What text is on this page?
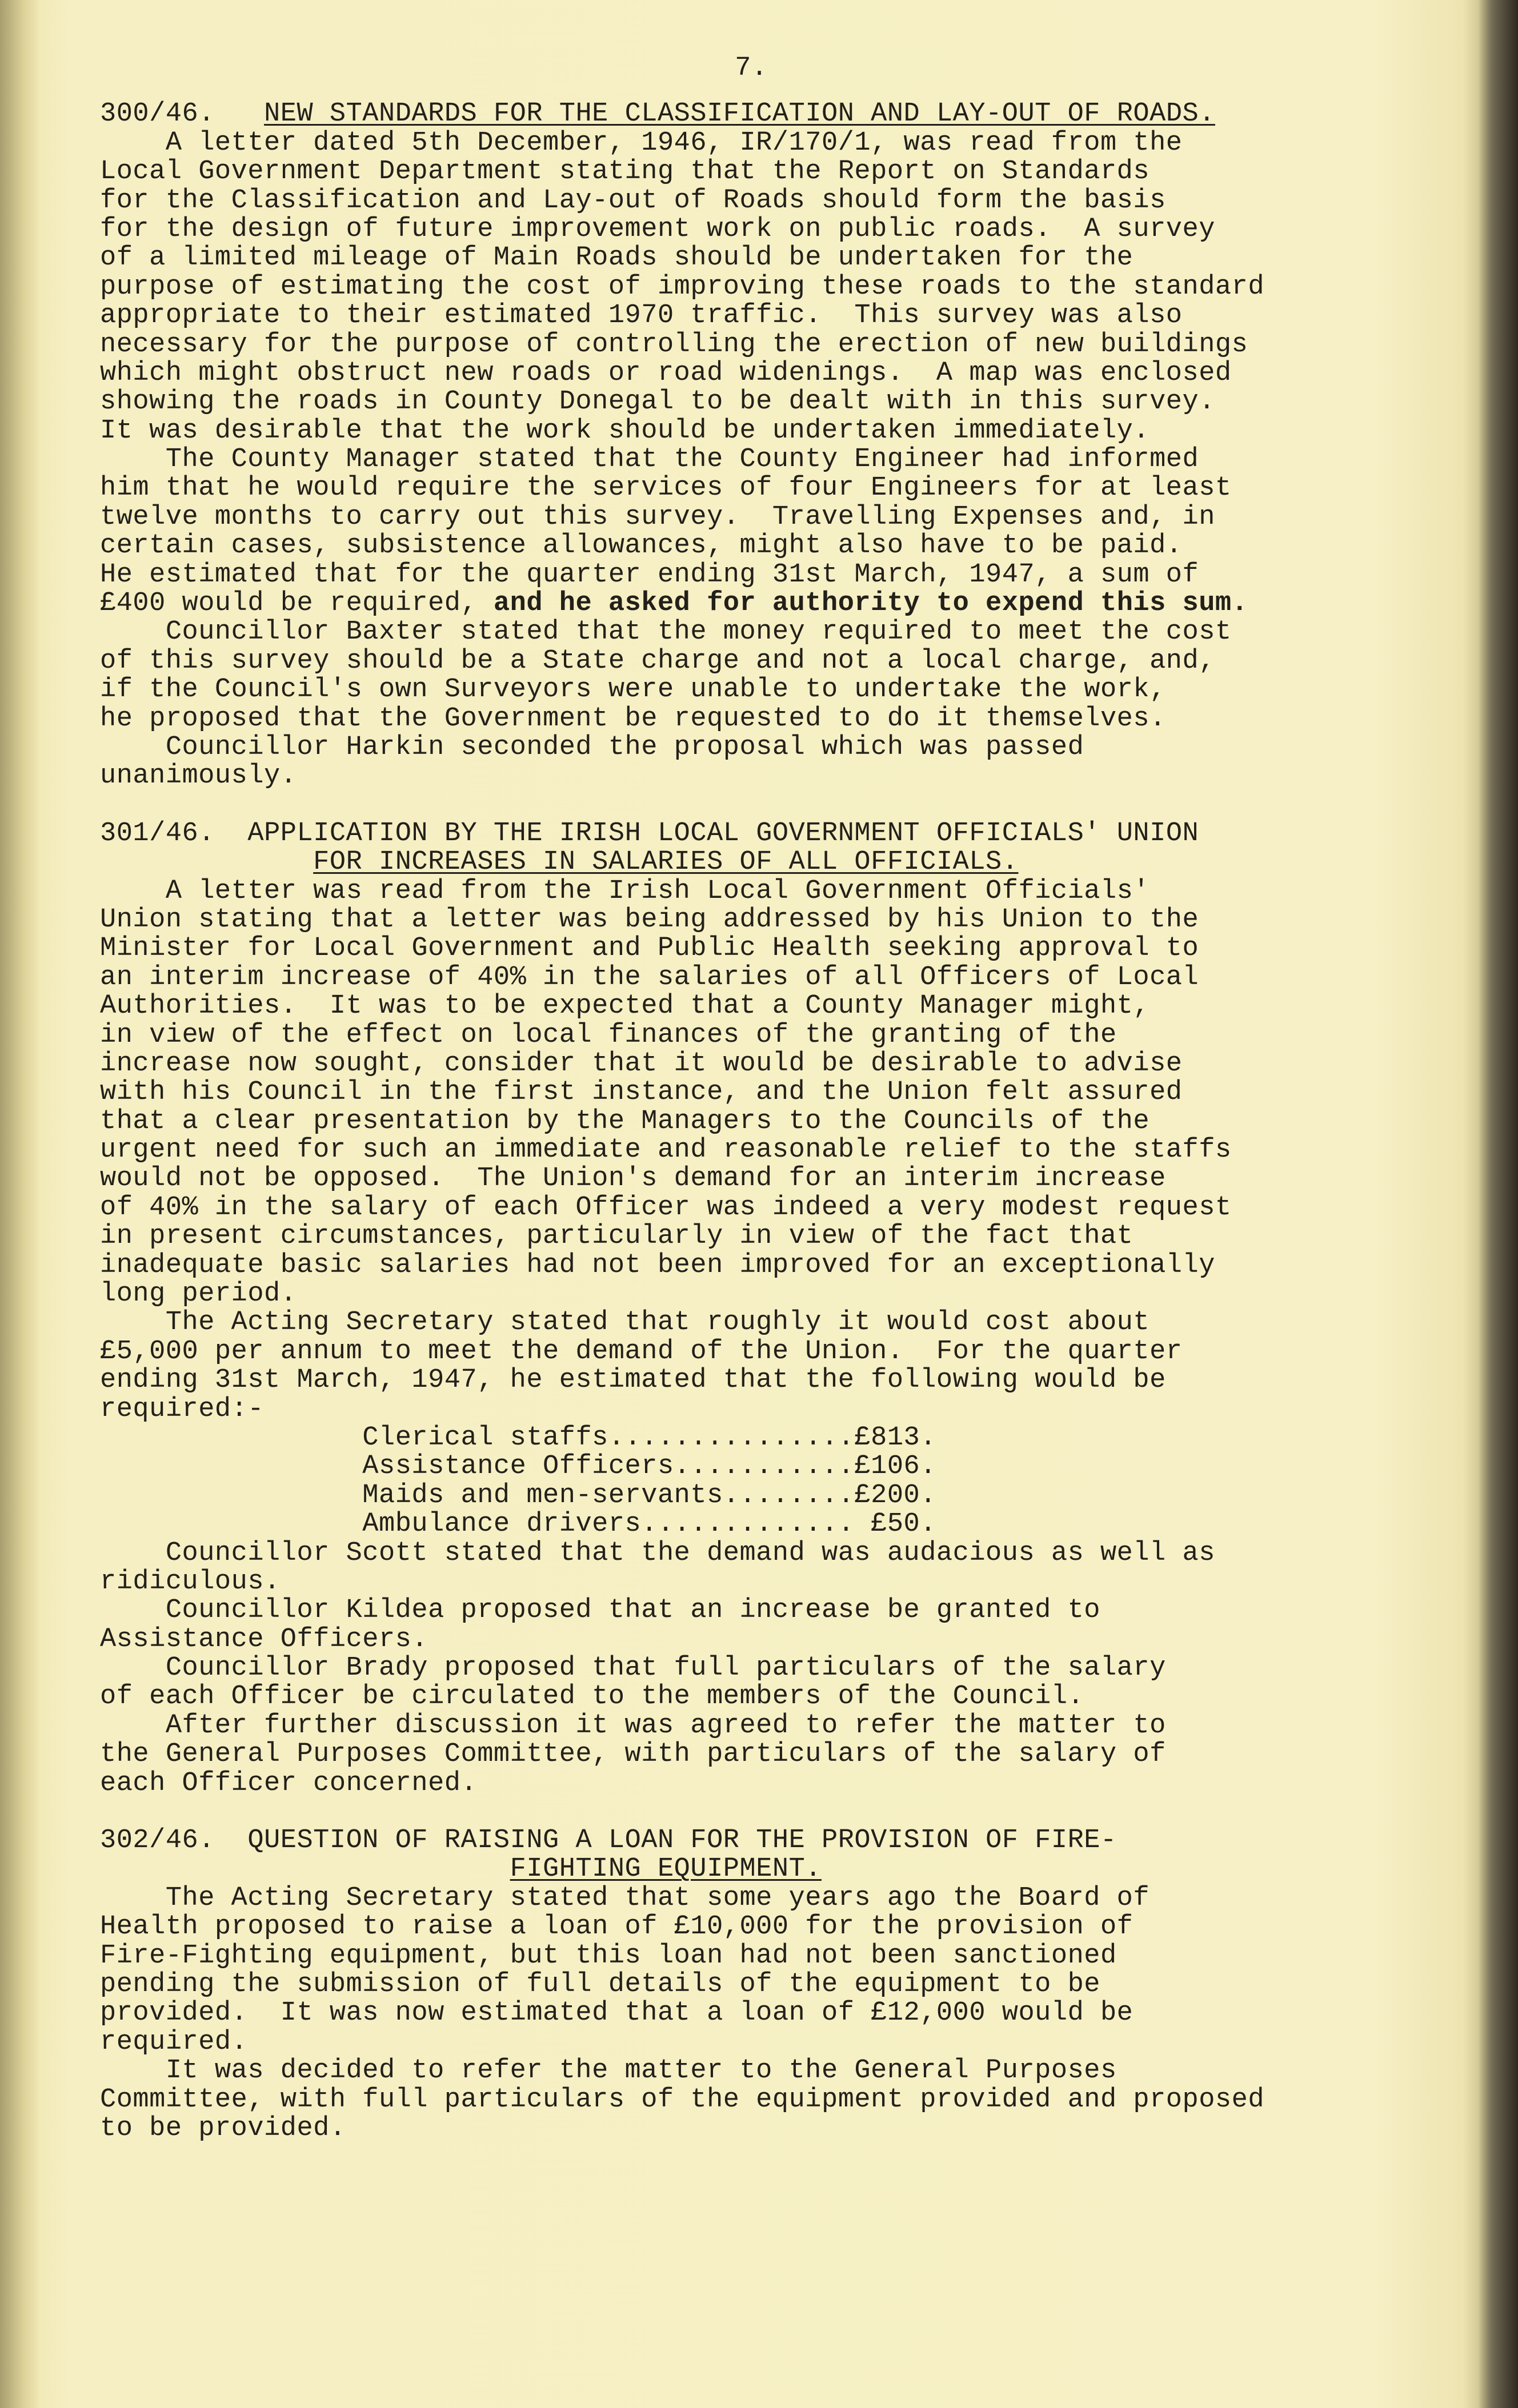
7.
300/46. NEW STANDARDS FOR THE CLASSIFICATION AND LAY-OUT OF ROADS.
A letter dated 5th December, 1946, IR/170/1, was read from the
Local Government Department stating that the Report on Standards
for the Classification and Lay-out of Roads should form the basis
for the design of future improvement work on public roads.  A survey
of a limited mileage of Main Roads should be undertaken for the
purpose of estimating the cost of improving these roads to the standard
appropriate to their estimated 1970 traffic.  This survey was also
necessary for the purpose of controlling the erection of new buildings
which might obstruct new roads or road widenings.  A map was enclosed
showing the roads in County Donegal to be dealt with in this survey.
It was desirable that the work should be undertaken immediately.
The County Manager stated that the County Engineer had informed
him that he would require the services of four Engineers for at least
twelve months to carry out this survey.  Travelling Expenses and, in
certain cases, subsistence allowances, might also have to be paid.
He estimated that for the quarter ending 31st March, 1947, a sum of
£400 would be required, and he asked for authority to expend this sum.
Councillor Baxter stated that the money required to meet the cost
of this survey should be a State charge and not a local charge, and,
if the Council's own Surveyors were unable to undertake the work,
he proposed that the Government be requested to do it themselves.
Councillor Harkin seconded the proposal which was passed
unanimously.
301/46. APPLICATION BY THE IRISH LOCAL GOVERNMENT OFFICIALS' UNION
FOR INCREASES IN SALARIES OF ALL OFFICIALS.
A letter was read from the Irish Local Government Officials'
Union stating that a letter was being addressed by his Union to the
Minister for Local Government and Public Health seeking approval to
an interim increase of 40% in the salaries of all Officers of Local
Authorities.  It was to be expected that a County Manager might,
in view of the effect on local finances of the granting of the
increase now sought, consider that it would be desirable to advise
with his Council in the first instance, and the Union felt assured
that a clear presentation by the Managers to the Councils of the
urgent need for such an immediate and reasonable relief to the staffs
would not be opposed.  The Union's demand for an interim increase
of 40% in the salary of each Officer was indeed a very modest request
in present circumstances, particularly in view of the fact that
inadequate basic salaries had not been improved for an exceptionally
long period.
The Acting Secretary stated that roughly it would cost about
£5,000 per annum to meet the demand of the Union.  For the quarter
ending 31st March, 1947, he estimated that the following would be
required:-
Clerical staffs...............£813.
Assistance Officers...........£106.
Maids and men-servants........£200.
Ambulance drivers............. £50.
Councillor Scott stated that the demand was audacious as well as
ridiculous.
Councillor Kildea proposed that an increase be granted to
Assistance Officers.
Councillor Brady proposed that full particulars of the salary
of each Officer be circulated to the members of the Council.
After further discussion it was agreed to refer the matter to
the General Purposes Committee, with particulars of the salary of
each Officer concerned.
302/46. QUESTION OF RAISING A LOAN FOR THE PROVISION OF FIRE-
FIGHTING EQUIPMENT.
The Acting Secretary stated that some years ago the Board of
Health proposed to raise a loan of £10,000 for the provision of
Fire-Fighting equipment, but this loan had not been sanctioned
pending the submission of full details of the equipment to be
provided.  It was now estimated that a loan of £12,000 would be
required.
It was decided to refer the matter to the General Purposes
Committee, with full particulars of the equipment provided and proposed
to be provided.
